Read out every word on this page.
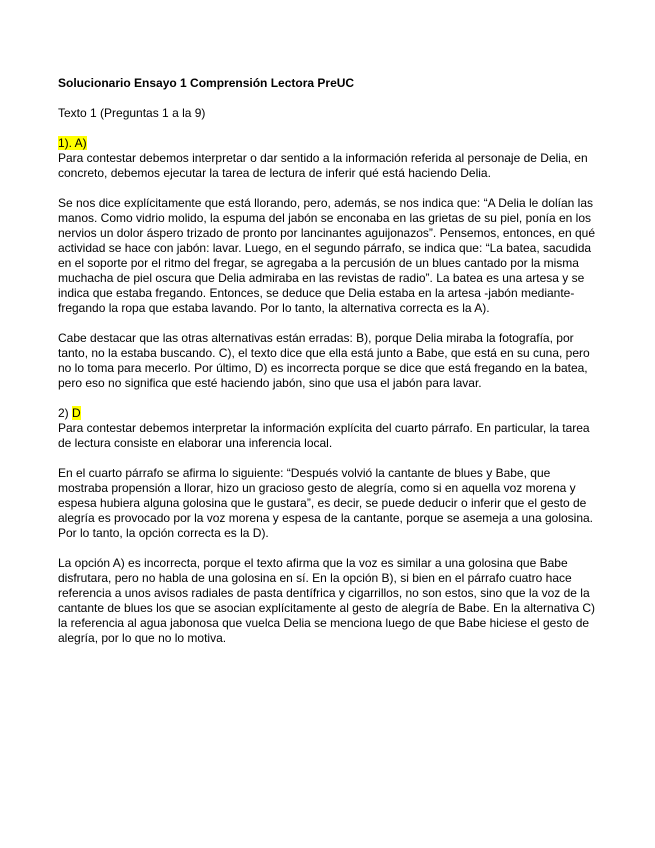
Solucionario Ensayo 1 Comprensión Lectora PreUC
Texto 1 (Preguntas 1 a la 9)
1). A)

Para contestar debemos interpretar o dar sentido a la información referida al personaje de Delia, en concreto, debemos ejecutar la tarea de lectura de inferir qué está haciendo Delia.

Se nos dice explícitamente que está llorando, pero, además, se nos indica que: “A Delia le dolían las manos. Como vidrio molido, la espuma del jabón se enconaba en las grietas de su piel, ponía en los nervios un dolor áspero trizado de pronto por lancinantes aguijonazos”. Pensemos, entonces, en qué actividad se hace con jabón: lavar. Luego, en el segundo párrafo, se indica que: “La batea, sacudida en el soporte por el ritmo del fregar, se agregaba a la percusión de un blues cantado por la misma muchacha de piel oscura que Delia admiraba en las revistas de radio”. La batea es una artesa y se indica que estaba fregando. Entonces, se deduce que Delia estaba en la artesa -jabón mediante- fregando la ropa que estaba lavando. Por lo tanto, la alternativa correcta es la A).

Cabe destacar que las otras alternativas están erradas: B), porque Delia miraba la fotografía, por tanto, no la estaba buscando. C), el texto dice que ella está junto a Babe, que está en su cuna, pero no lo toma para mecerlo. Por último, D) es incorrecta porque se dice que está fregando en la batea, pero eso no significa que esté haciendo jabón, sino que usa el jabón para lavar.

2) D

Para contestar debemos interpretar la información explícita del cuarto párrafo. En particular, la tarea de lectura consiste en elaborar una inferencia local.

En el cuarto párrafo se afirma lo siguiente: “Después volvió la cantante de blues y Babe, que mostraba propensión a llorar, hizo un gracioso gesto de alegría, como si en aquella voz morena y espesa hubiera alguna golosina que le gustara”, es decir, se puede deducir o inferir que el gesto de alegría es provocado por la voz morena y espesa de la cantante, porque se asemeja a una golosina. Por lo tanto, la opción correcta es la D).

La opción A) es incorrecta, porque el texto afirma que la voz es similar a una golosina que Babe disfrutara, pero no habla de una golosina en sí. En la opción B), si bien en el párrafo cuatro hace referencia a unos avisos radiales de pasta dentífrica y cigarrillos, no son estos, sino que la voz de la cantante de blues los que se asocian explícitamente al gesto de alegría de Babe. En la alternativa C) la referencia al agua jabonosa que vuelca Delia se menciona luego de que Babe hiciese el gesto de alegría, por lo que no lo motiva.
